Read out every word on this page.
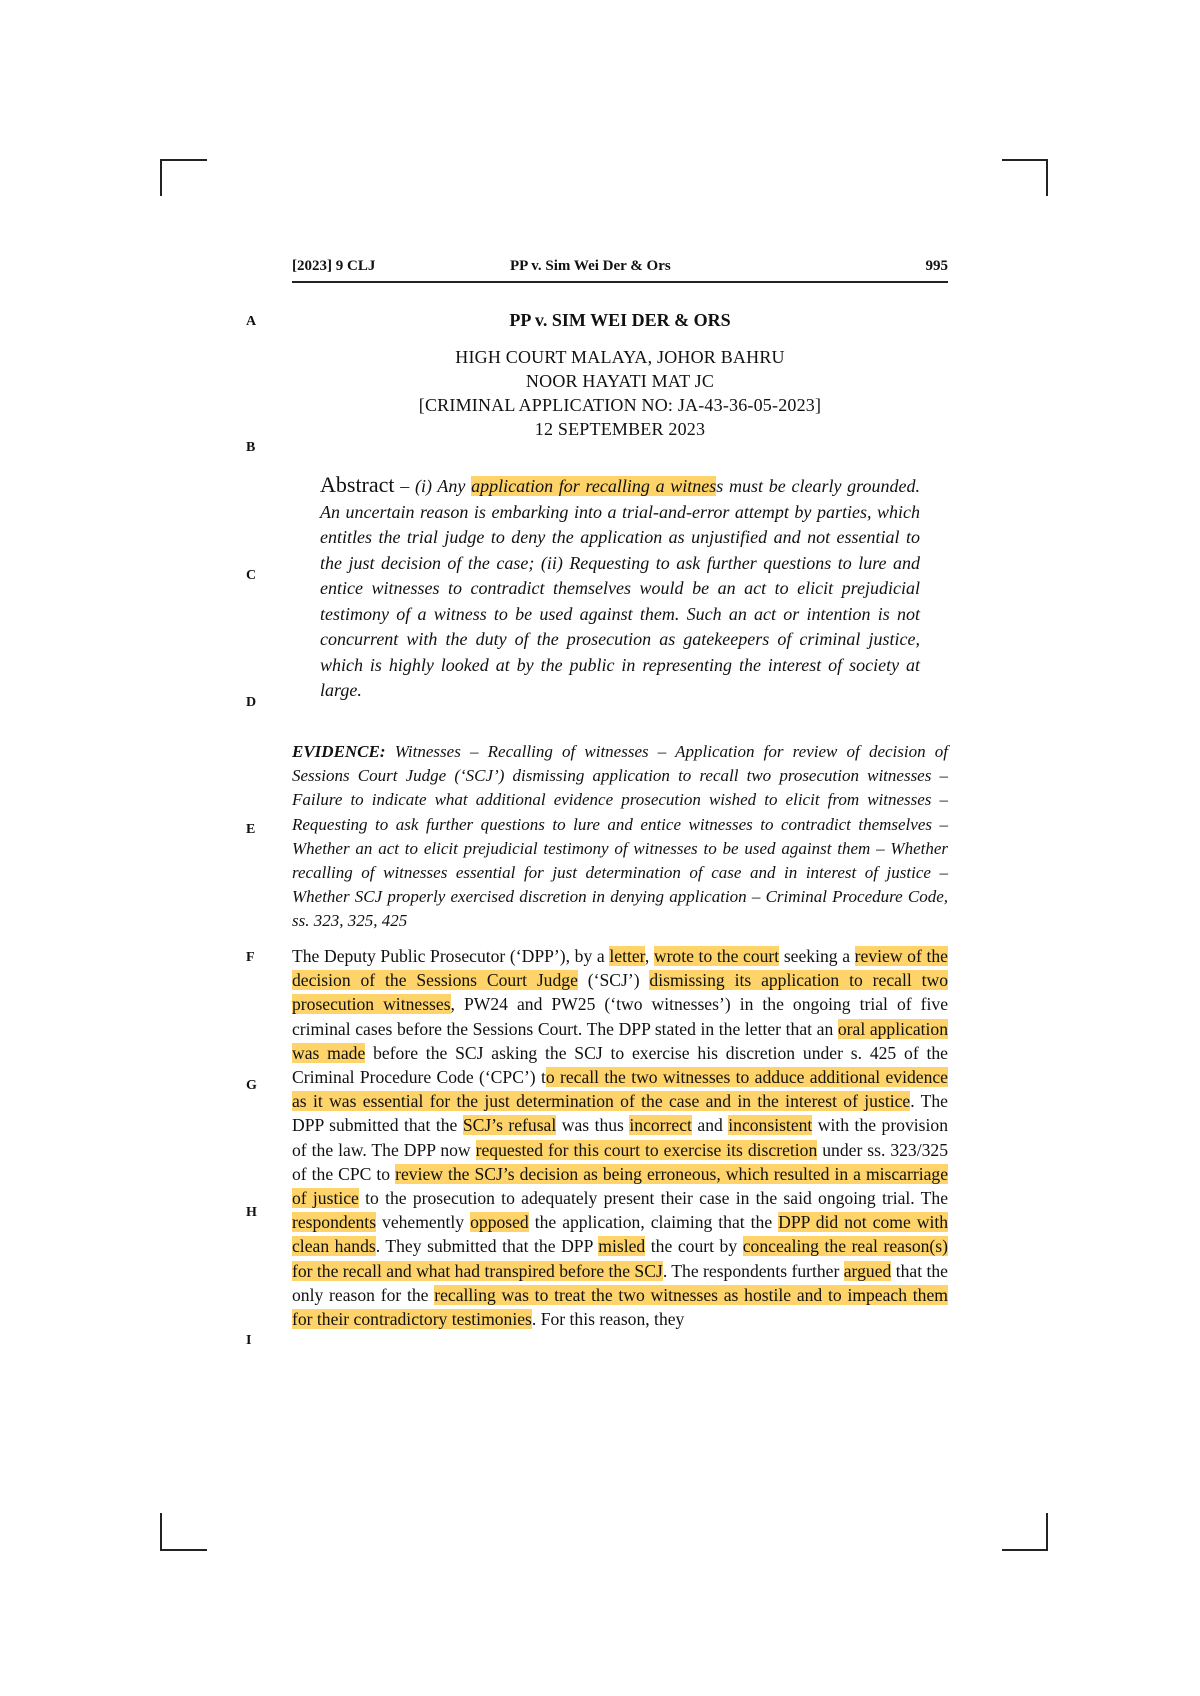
[2023] 9 CLJ	PP v. Sim Wei Der & Ors	995
A
B
C
D
E
F
G
H
I
PP v. SIM WEI DER & ORS
HIGH COURT MALAYA, JOHOR BAHRU
NOOR HAYATI MAT JC
[CRIMINAL APPLICATION NO: JA-43-36-05-2023]
12 SEPTEMBER 2023
Abstract – (i) Any application for recalling a witness must be clearly grounded. An uncertain reason is embarking into a trial-and-error attempt by parties, which entitles the trial judge to deny the application as unjustified and not essential to the just decision of the case; (ii) Requesting to ask further questions to lure and entice witnesses to contradict themselves would be an act to elicit prejudicial testimony of a witness to be used against them. Such an act or intention is not concurrent with the duty of the prosecution as gatekeepers of criminal justice, which is highly looked at by the public in representing the interest of society at large.
EVIDENCE: Witnesses – Recalling of witnesses – Application for review of decision of Sessions Court Judge (‘SCJ’) dismissing application to recall two prosecution witnesses – Failure to indicate what additional evidence prosecution wished to elicit from witnesses – Requesting to ask further questions to lure and entice witnesses to contradict themselves – Whether an act to elicit prejudicial testimony of witnesses to be used against them – Whether recalling of witnesses essential for just determination of case and in interest of justice – Whether SCJ properly exercised discretion in denying application – Criminal Procedure Code, ss. 323, 325, 425
The Deputy Public Prosecutor (‘DPP’), by a letter, wrote to the court seeking a review of the decision of the Sessions Court Judge (‘SCJ’) dismissing its application to recall two prosecution witnesses, PW24 and PW25 (‘two witnesses’) in the ongoing trial of five criminal cases before the Sessions Court. The DPP stated in the letter that an oral application was made before the SCJ asking the SCJ to exercise his discretion under s. 425 of the Criminal Procedure Code (‘CPC’) to recall the two witnesses to adduce additional evidence as it was essential for the just determination of the case and in the interest of justice. The DPP submitted that the SCJ’s refusal was thus incorrect and inconsistent with the provision of the law. The DPP now requested for this court to exercise its discretion under ss. 323/325 of the CPC to review the SCJ’s decision as being erroneous, which resulted in a miscarriage of justice to the prosecution to adequately present their case in the said ongoing trial. The respondents vehemently opposed the application, claiming that the DPP did not come with clean hands. They submitted that the DPP misled the court by concealing the real reason(s) for the recall and what had transpired before the SCJ. The respondents further argued that the only reason for the recalling was to treat the two witnesses as hostile and to impeach them for their contradictory testimonies. For this reason, they
